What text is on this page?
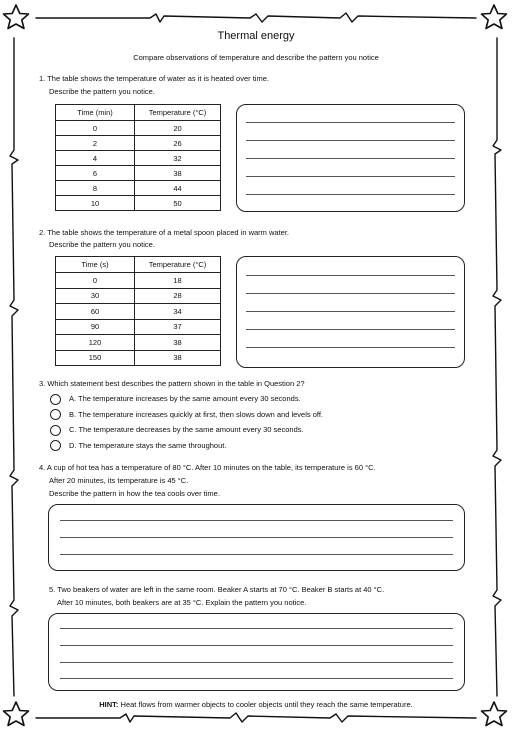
Thermal energy
Compare observations of temperature and describe the pattern you notice
1. The table shows the temperature of water as it is heated over time.
Describe the pattern you notice.
Time (min)	Temperature (°C)
0	20
2	26
4	32
6	38
8	44
10	50
2. The table shows the temperature of a metal spoon placed in warm water.
Describe the pattern you notice.
Time (s)	Temperature (°C)
0	18
30	28
60	34
90	37
120	38
150	38
3. Which statement best describes the pattern shown in the table in Question 2?
A. The temperature increases by the same amount every 30 seconds.
B. The temperature increases quickly at first, then slows down and levels off.
C. The temperature decreases by the same amount every 30 seconds.
D. The temperature stays the same throughout.
4. A cup of hot tea has a temperature of 80 °C. After 10 minutes on the table, its temperature is 60 °C.
After 20 minutes, its temperature is 45 °C.
Describe the pattern in how the tea cools over time.
5. Two beakers of water are left in the same room. Beaker A starts at 70 °C. Beaker B starts at 40 °C.
After 10 minutes, both beakers are at 35 °C. Explain the pattern you notice.
HINT: Heat flows from warmer objects to cooler objects until they reach the same temperature.
